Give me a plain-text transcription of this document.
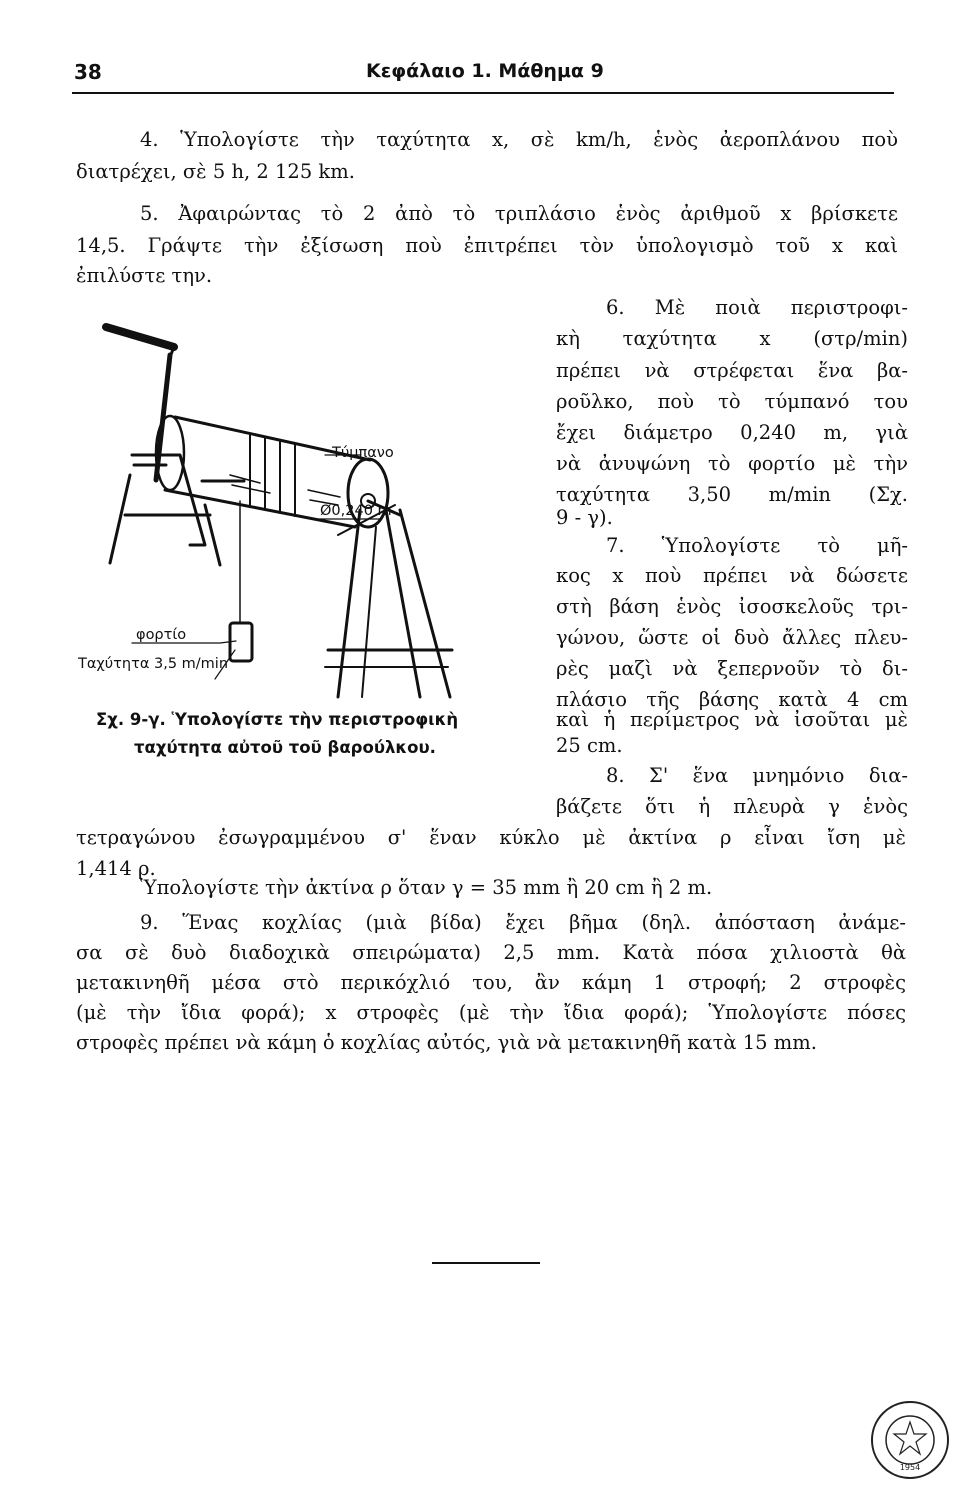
38	Κεφάλαιο 1. Μάθημα 9
4. Ὑπολογίστε τὴν ταχύτητα x, σὲ km/h, ἑνὸς ἀεροπλάνου ποὺ
διατρέχει, σὲ 5 h, 2 125 km.
5. Ἀφαιρώντας τὸ 2 ἀπὸ τὸ τριπλάσιο ἑνὸς ἀριθμοῦ x βρίσκετε
14,5. Γράψτε τὴν ἐξίσωση ποὺ ἐπιτρέπει τὸν ὑπολογισμὸ τοῦ x καὶ
ἐπιλύστε την.
6. Μὲ ποιὰ περιστροφι-
κὴ ταχύτητα x (στρ/min)
πρέπει νὰ στρέφεται ἕνα βα-
ροῦλκο, ποὺ τὸ τύμπανό του
ἔχει διάμετρο 0,240 m, γιὰ
νὰ ἀνυψώνη τὸ φορτίο μὲ τὴν
ταχύτητα 3,50 m/min (Σχ.
9 - γ).
7. Ὑπολογίστε τὸ μῆ-
κος x ποὺ πρέπει νὰ δώσετε
στὴ βάση ἑνὸς ἰσοσκελοῦς τρι-
γώνου, ὥστε οἱ δυὸ ἄλλες πλευ-
ρὲς μαζὶ νὰ ξεπερνοῦν τὸ δι-
πλάσιο τῆς βάσης κατὰ 4 cm
καὶ ἡ περίμετρος νὰ ἰσοῦται μὲ
25 cm.
8. Σ' ἕνα μνημόνιο δια-
βάζετε ὅτι ἡ πλευρὰ γ ἑνὸς
τετραγώνου ἐσωγραμμένου σ' ἕναν κύκλο μὲ ἀκτίνα ρ εἶναι ἴση μὲ
1,414 ρ.
Ὑπολογίστε τὴν ἀκτίνα ρ ὅταν γ = 35 mm ἢ 20 cm ἢ 2 m.
9. Ἕνας κοχλίας (μιὰ βίδα) ἔχει βῆμα (δηλ. ἀπόσταση ἀνάμε-
σα σὲ δυὸ διαδοχικὰ σπειρώματα) 2,5 mm. Κατὰ πόσα χιλιοστὰ θὰ
μετακινηθῆ μέσα στὸ περικόχλιό του, ἂν κάμη 1 στροφή; 2 στροφὲς
(μὲ τὴν ἴδια φορά); x στροφὲς (μὲ τὴν ἴδια φορά); Ὑπολογίστε πόσες
στροφὲς πρέπει νὰ κάμη ὁ κοχλίας αὐτός, γιὰ νὰ μετακινηθῆ κατὰ 15 mm.
Τύμπανο
Ø0,240 m
φορτίο
Ταχύτητα 3,5 m/min
Σχ. 9-γ. Ὑπολογίστε τὴν περιστροφικὴ
ταχύτητα αὐτοῦ τοῦ βαρούλκου.
1954
